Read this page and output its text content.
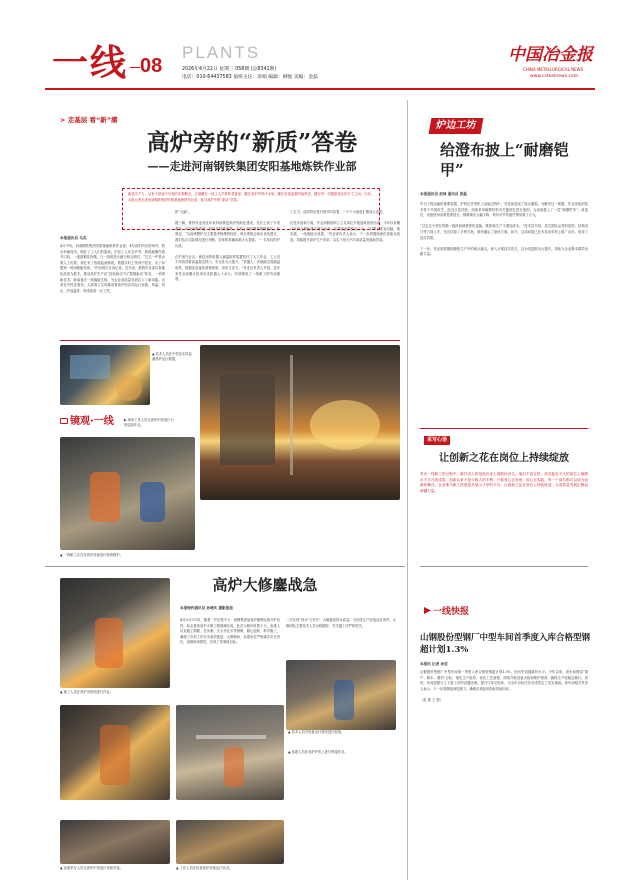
一线 08
PLANTS
2026年4月22日 星期三 058期 (总8341期)
电话：010-64437583 值班主任：余娟 编辑：柳悦 美编：金磊
中国冶金报
CHINA METALLURGICAL NEWS
www.csteelnews.com
> 走基层 看“新”潮
高炉旁的“新质”答卷
——走进河南钢铁集团安阳基地炼铁作业部
新质生产力，从来不是遥不可及的宏观概念，它就藏在一线工人手掌的老茧里，藏在高炉旁的汗水里，藏在设备更新的轰鸣里，藏在每一次数据优化的方寸之间。日前，本报记者走进河南钢铁集团安阳基地炼铁作业部，探寻高炉旁的“新质”答卷。
本报通讯员 马兆
4月中旬，河南钢铁集团安阳基地炼铁作业部，4号高炉的出铁场内，铁水奔涌而出，映红了工人们的脸庞。炉前工人站在炉旁，熟练地操作着开口机，一道道钢花四溅，与一线的热火朝天相互映衬。“过去一炉铁水要人工盯着，现在有了智能监测系统，数据实时上传到中控室，出了问题第一时间就能发现。”炉前班长告诉记者。近年来，炼铁作业部以智能化改造为抓手，推动高炉生产由“经验驱动”向“数据驱动”转变，一项项新技术、新装备在一线落地生根，为企业高质量发展注入了新动能。记者在中控室看到，大屏幕上实时跳动着高炉的各项运行参数，风温、风压、炉顶温度、料线高度一目了然。
的“大脑”。

据了解，炼铁作业部近年来持续推进高炉智能化建设，先后上线了专家系统、炉况诊断系统、智能布料系统等，实现了高炉操作的精准化、标准化。“以前调整炉况主要靠老师傅的经验，现在系统会给出优化建议，我们结合实际情况进行判断，效率和准确率都大大提高。”一名年轻的炉长说。

在炉前作业区，新投用的机器人测温取样装置替代了人工作业，工人们不用再冒着高温靠近铁口，安全性大大提升。“机器人一次就能完成测温取样，数据还直接传到系统里，省时又省力。”作业区负责人介绍，近年来作业部累计投用各类机器人十余台，有效降低了一线职工的劳动强度。
了实力，成绩背后是对细节的执着，一个个小改进汇聚成大成效。

在技术创新方面，作业部鼓励职工立足岗位开展创新创效活动，今年以来累计收到合理化建议两百余条，实施后创效数百万元。“只要大家肯动脑、敢实践，一线就能出成果。”作业部负责人表示，下一步将继续深化智能化改造，持续提升高炉生产效率，以实干担当书写高质量发展新答卷。
▲ 技术人员在中控室实时监测高炉运行数据。
镜观·一线	▶ 现场工作人员在高炉炉前进行日常巡检作业。
▲ 一线职工正在对高炉设备进行检查维护。
高炉大修鏖战急
本报特约通讯员 孙晓庆 摄影报道
4月20日11时，随着一声出铁令下，南钢集团某高炉顺利实现开炉出铁，标志着该高炉大修工程圆满完成。此次大修历时数十天，参建人员克服工期紧、任务重、交叉作业多等困难，精心组织、科学施工，确保了各项工作安全高效推进。大修期间，参建单位严格落实安全责任，加强现场管控，实现了零事故目标。
一次实现“铁水”与开炉，大幅提高铁水质量，为后续生产创造良好条件。大修团队主要技术人员全程跟踪，对关键工序严格把关。
▲ 施工人员在高炉出铁场进行作业。
▲ 技术人员对设备运行情况进行检查。
▲ 参建人员在高炉炉体上进行焊接作业。
▲ 参建单位人员在高炉炉顶进行设备安装。	▲ 工作人员在检查高炉设备运行状况。
炉边工坊
给澄布披上“耐磨铠甲”
本报通讯员 赵琦 通讯员 张磊
作为工程运输的重要装置，炉料在皮带机上运输过程中，对设备造成了较大磨损。为解决这一难题，作业部组织技术骨干开展攻关，经过反复试验，创新采用耐磨材料对关键部位进行加固，为设备披上了一层“耐磨铠甲”。改造后，设备使用寿命显著延长，维修频次大幅下降，每年可节约备件费用数十万元。

“过去这个部位每隔一段时间就要停机更换，既影响生产又增加成本。”技术员介绍，攻关团队从材料选型、结构设计等方面入手，先后试验了多种方案，最终确定了最优方案。如今，这项成果已在多条皮带机上推广应用，取得了良好效果。

下一步，作业部将继续聚焦生产中的难点痛点，深入开展技术攻关，以小改进推动大提升，持续为企业降本增效贡献力量。
采写心语
让创新之花在岗位上持续绽放
采访一线职工的过程中，最打动人的是他们身上那股钻劲儿。他们不善言辞，却总能在平凡的岗位上琢磨出不平凡的成果。创新从来不是少数人的专利，只要有心去发现、用心去实践，每一个岗位都可以成为创新的舞台。企业要为职工搭建更多展示才华的平台，让创新之花在岗位上持续绽放，为高质量发展汇聚起磅礴力量。
一线快报
山钢股份型钢厂中型车间首季度入库合格型钢超计划1.3%
本报讯 记者 孙贺
山钢股份型钢厂中型车间第一季度入库合格型钢超计划1.3%，创历史同期最好水平。今年以来，该车间围绕“提产、降本、增效”目标，强化生产组织，优化工艺流程，持续开展设备点检和维护保养，确保生产线稳定顺行。同时，车间加强与上下游工序的沟通协调，提升订单兑现率，为全年目标任务完成奠定了坚实基础。该车间相关负责人表示，下一步将继续深挖潜力，确保各项经营指标持续向好。

（张 敏 王 强）
